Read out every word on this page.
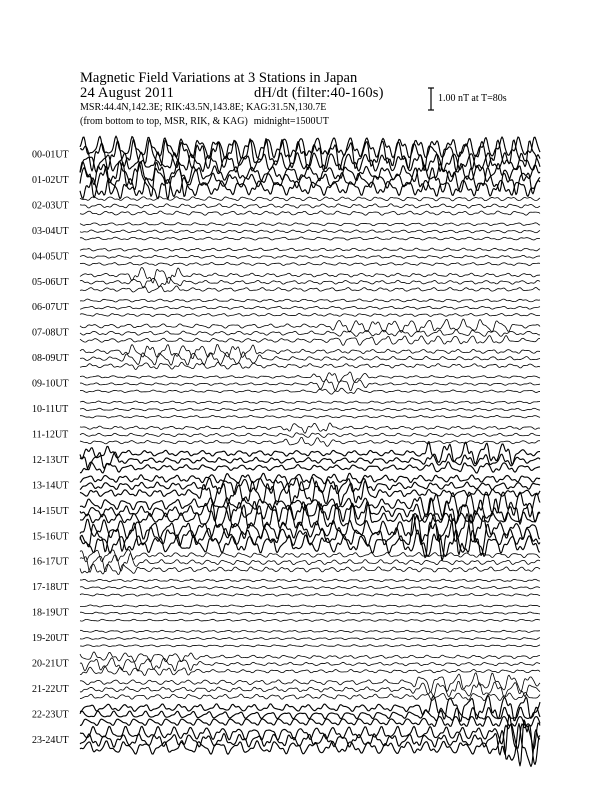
Magnetic Field Variations at 3 Stations in Japan
24 August 2011	dH/dt (filter:40-160s)
MSR:44.4N,142.3E; RIK:43.5N,143.8E; KAG:31.5N,130.7E
(from bottom to top, MSR, RIK, & KAG) midnight=1500UT
1.00 nT at T=80s
00-01UT
01-02UT
02-03UT
03-04UT
04-05UT
05-06UT
06-07UT
07-08UT
08-09UT
09-10UT
10-11UT
11-12UT
12-13UT
13-14UT
14-15UT
15-16UT
16-17UT
17-18UT
18-19UT
19-20UT
20-21UT
21-22UT
22-23UT
23-24UT
